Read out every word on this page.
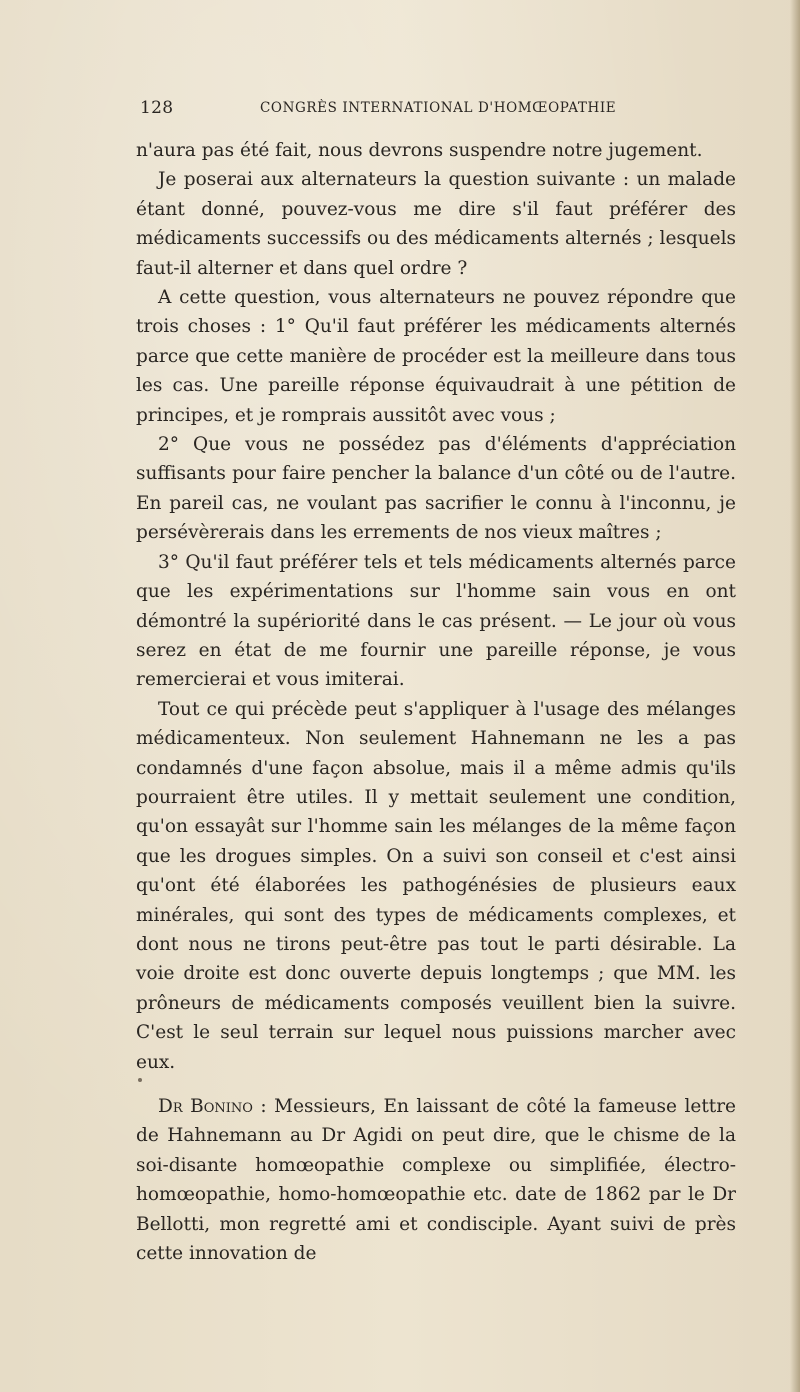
128	CONGRÈS INTERNATIONAL D'HOMŒOPATHIE

n'aura pas été fait, nous devrons suspendre notre jugement.

Je poserai aux alternateurs la question suivante : un malade étant donné, pouvez-vous me dire s'il faut préférer des médicaments successifs ou des médicaments alternés ; lesquels faut-il alterner et dans quel ordre ?

A cette question, vous alternateurs ne pouvez répondre que trois choses : 1° Qu'il faut préférer les médicaments alternés parce que cette manière de procéder est la meilleure dans tous les cas. Une pareille réponse équivaudrait à une pétition de principes, et je romprais aussitôt avec vous ;

2° Que vous ne possédez pas d'éléments d'appréciation suffisants pour faire pencher la balance d'un côté ou de l'autre. En pareil cas, ne voulant pas sacrifier le connu à l'inconnu, je persévèrerais dans les errements de nos vieux maîtres ;

3° Qu'il faut préférer tels et tels médicaments alternés parce que les expérimentations sur l'homme sain vous en ont démontré la supériorité dans le cas présent. — Le jour où vous serez en état de me fournir une pareille réponse, je vous remercierai et vous imiterai.

Tout ce qui précède peut s'appliquer à l'usage des mélanges médicamenteux. Non seulement Hahnemann ne les a pas condamnés d'une façon absolue, mais il a même admis qu'ils pourraient être utiles. Il y mettait seulement une condition, qu'on essayât sur l'homme sain les mélanges de la même façon que les drogues simples. On a suivi son conseil et c'est ainsi qu'ont été élaborées les pathogénésies de plusieurs eaux minérales, qui sont des types de médicaments complexes, et dont nous ne tirons peut-être pas tout le parti désirable. La voie droite est donc ouverte depuis longtemps ; que MM. les prôneurs de médicaments composés veuillent bien la suivre. C'est le seul terrain sur lequel nous puissions marcher avec eux.

Dr Bonino : Messieurs, En laissant de côté la fameuse lettre de Hahnemann au Dr Agidi on peut dire, que le chisme de la soi-disante homœopathie complexe ou simplifiée, électro-homœopathie, homo-homœopathie etc. date de 1862 par le Dr Bellotti, mon regretté ami et condisciple. Ayant suivi de près cette innovation de
